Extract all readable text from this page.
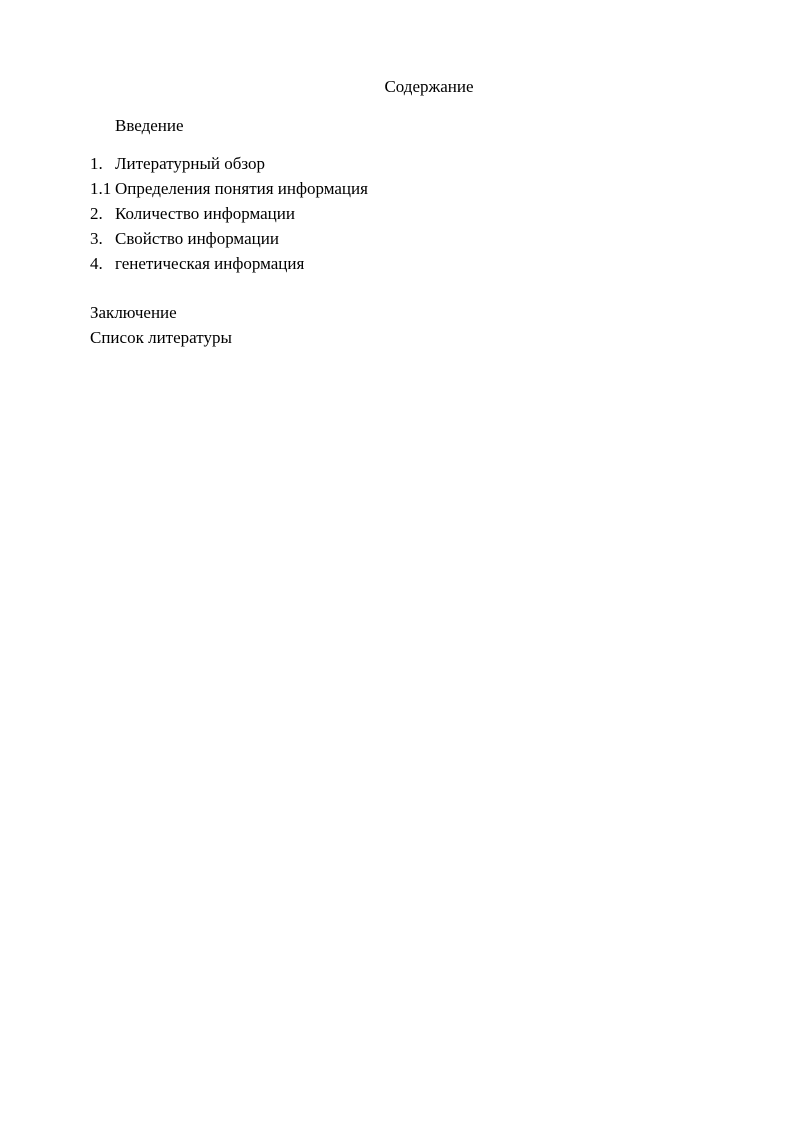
Содержание
Введение
1. Литературный обзор
1.1 Определения понятия информация
2. Количество информации
3. Свойство информации
4. генетическая информация
Заключение
Список литературы
